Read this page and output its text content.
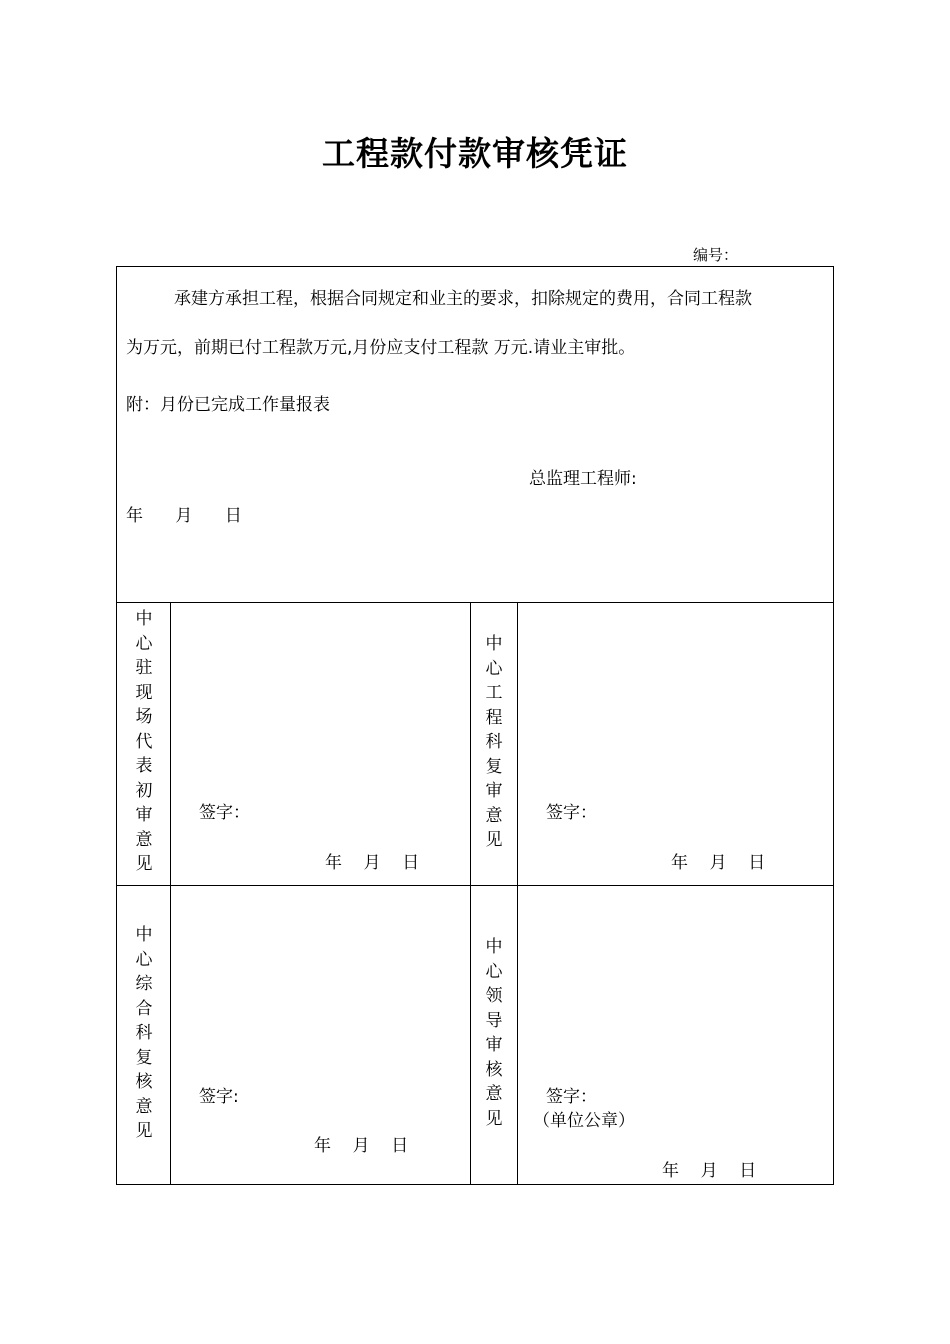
工程款付款审核凭证
编号：
承建方承担工程，根据合同规定和业主的要求，扣除规定的费用，合同工程款
为万元，前期已付工程款万元,月份应支付工程款 万元.请业主审批。
附：月份已完成工作量报表
总监理工程师:
年      月      日
中
心
驻
现
场
代
表
初
审
意
见
签字：
年    月    日
中
心
工
程
科
复
审
意
见
签字：
年    月    日
中
心
综
合
科
复
核
意
见
签字:
年    月    日
中
心
领
导
审
核
意
见
签字：
（单位公章）
年    月    日
